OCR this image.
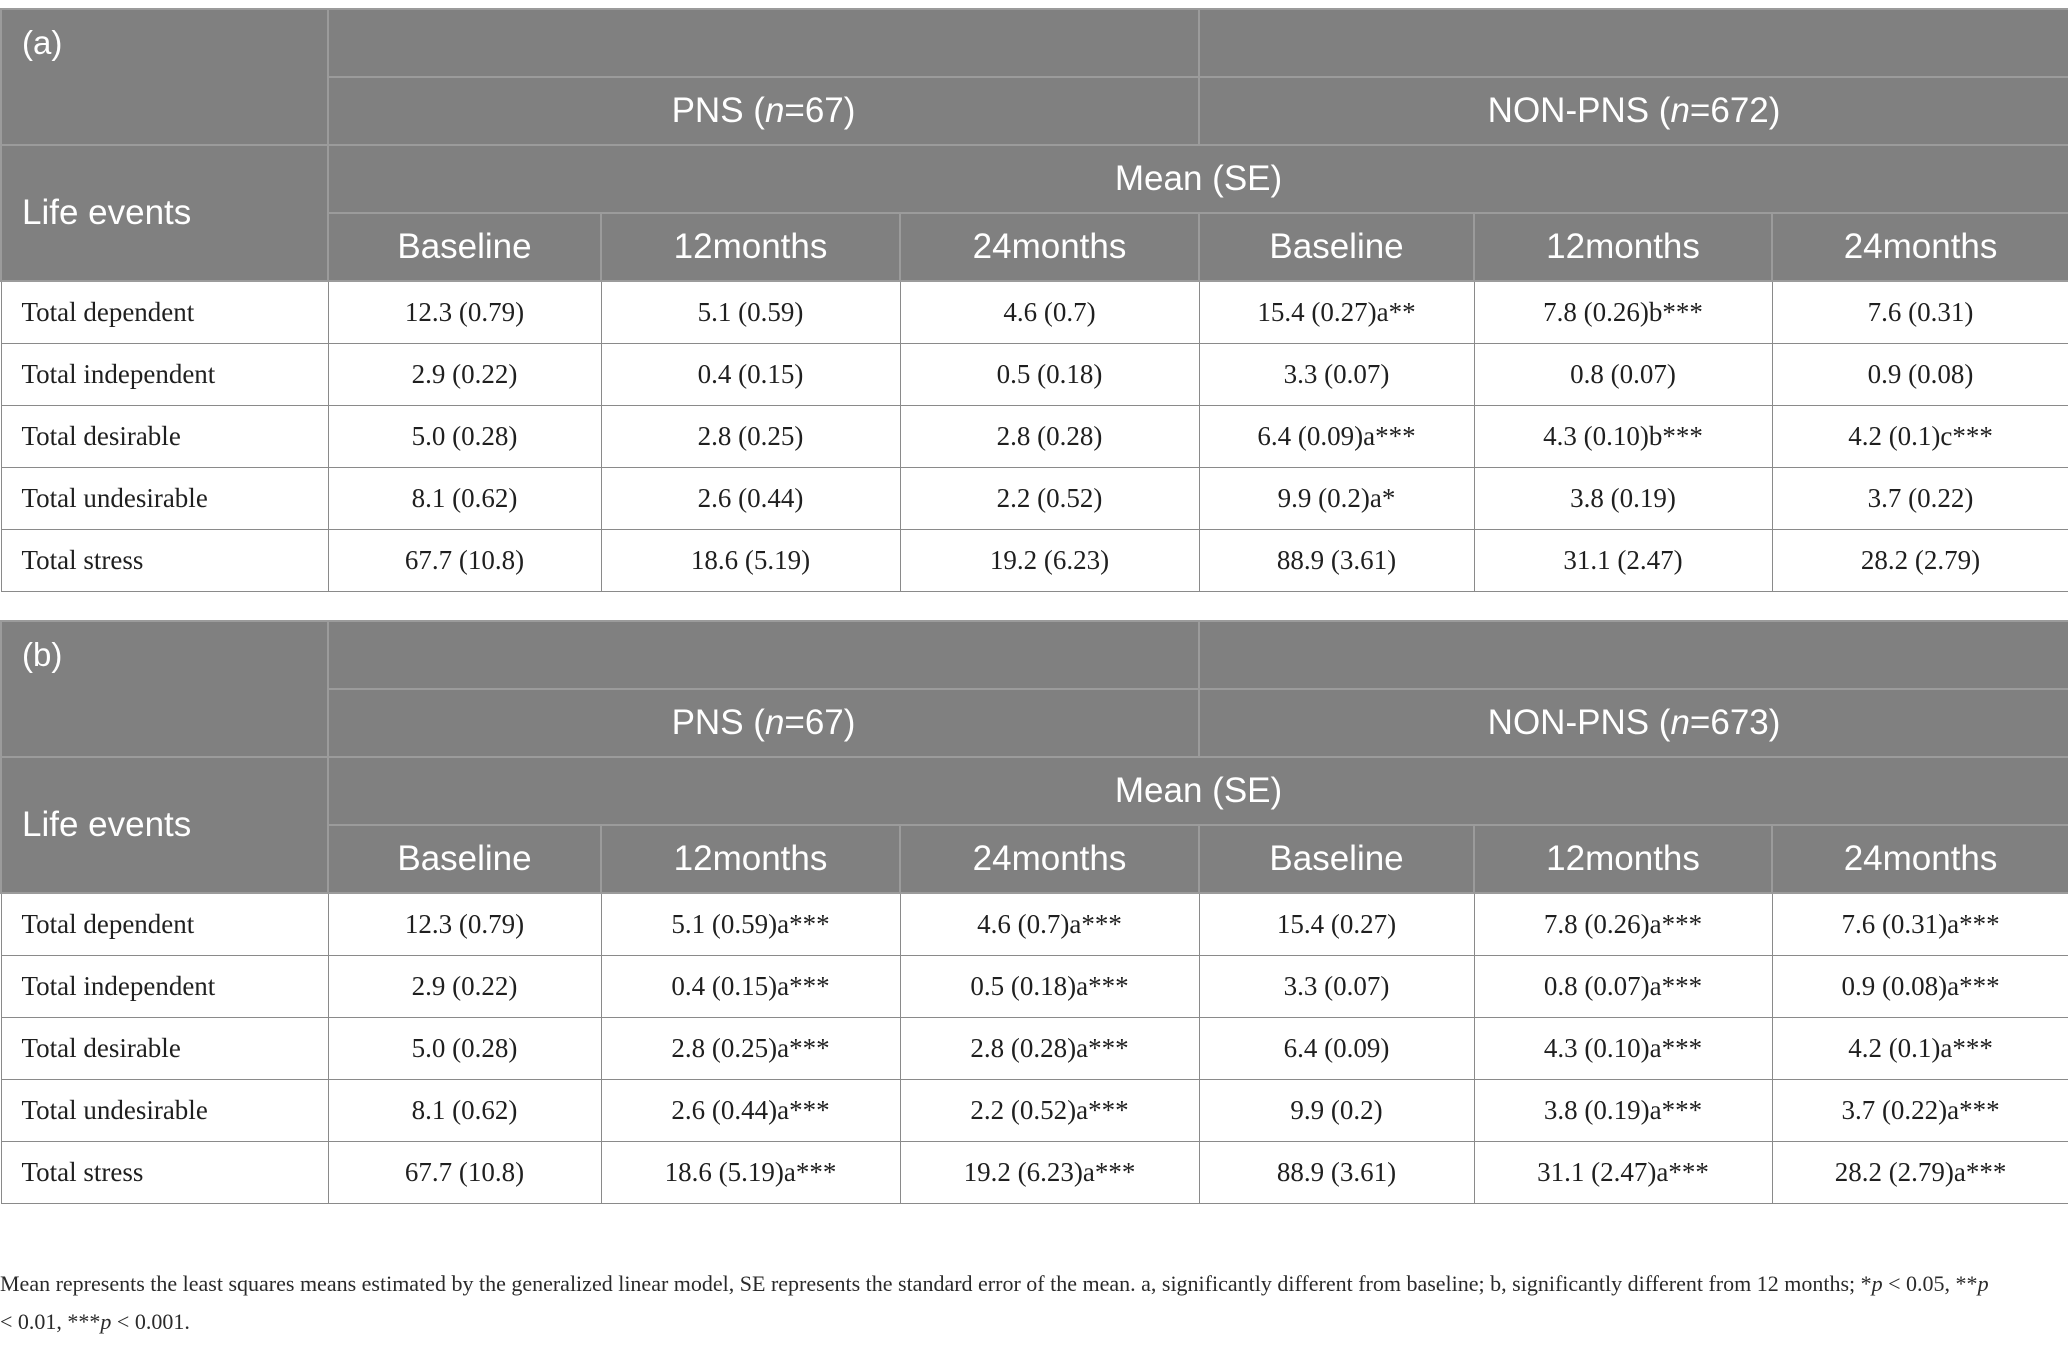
(a)						
	PNS (n=67)			NON-PNS (n=672)		
Life events	Mean (SE)					
	Baseline	12months	24months	Baseline	12months	24months
Total dependent	12.3 (0.79)	5.1 (0.59)	4.6 (0.7)	15.4 (0.27)a**	7.8 (0.26)b***	7.6 (0.31)
Total independent	2.9 (0.22)	0.4 (0.15)	0.5 (0.18)	3.3 (0.07)	0.8 (0.07)	0.9 (0.08)
Total desirable	5.0 (0.28)	2.8 (0.25)	2.8 (0.28)	6.4 (0.09)a***	4.3 (0.10)b***	4.2 (0.1)c***
Total undesirable	8.1 (0.62)	2.6 (0.44)	2.2 (0.52)	9.9 (0.2)a*	3.8 (0.19)	3.7 (0.22)
Total stress	67.7 (10.8)	18.6 (5.19)	19.2 (6.23)	88.9 (3.61)	31.1 (2.47)	28.2 (2.79)
(b)						
	PNS (n=67)			NON-PNS (n=673)		
Life events	Mean (SE)					
	Baseline	12months	24months	Baseline	12months	24months
Total dependent	12.3 (0.79)	5.1 (0.59)a***	4.6 (0.7)a***	15.4 (0.27)	7.8 (0.26)a***	7.6 (0.31)a***
Total independent	2.9 (0.22)	0.4 (0.15)a***	0.5 (0.18)a***	3.3 (0.07)	0.8 (0.07)a***	0.9 (0.08)a***
Total desirable	5.0 (0.28)	2.8 (0.25)a***	2.8 (0.28)a***	6.4 (0.09)	4.3 (0.10)a***	4.2 (0.1)a***
Total undesirable	8.1 (0.62)	2.6 (0.44)a***	2.2 (0.52)a***	9.9 (0.2)	3.8 (0.19)a***	3.7 (0.22)a***
Total stress	67.7 (10.8)	18.6 (5.19)a***	19.2 (6.23)a***	88.9 (3.61)	31.1 (2.47)a***	28.2 (2.79)a***
Mean represents the least squares means estimated by the generalized linear model, SE represents the standard error of the mean. a, significantly different from baseline; b, significantly different from 12 months; *p < 0.05, **p < 0.01, ***p < 0.001.
